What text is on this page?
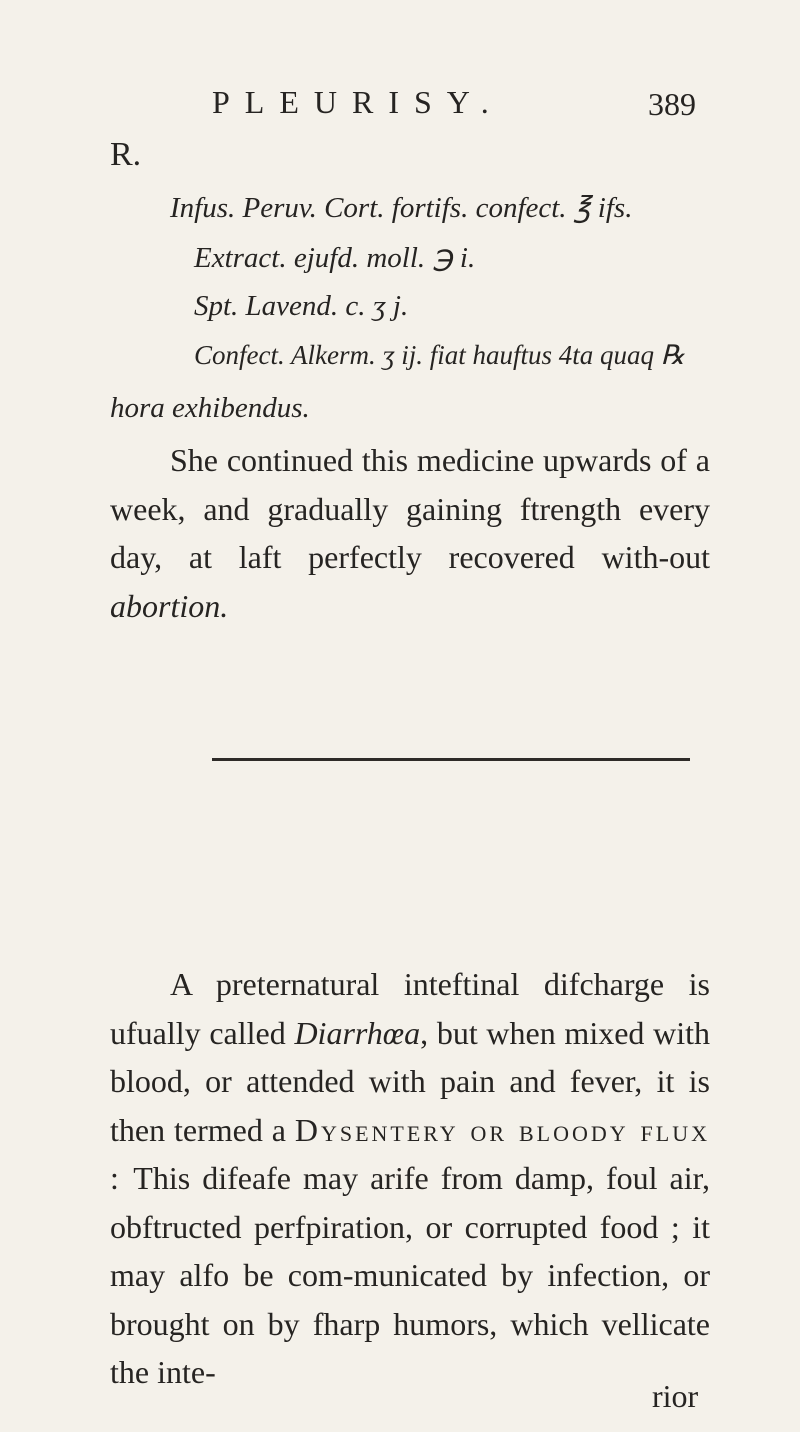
PLEURISY.	389
R.

Infus. Peruv. Cort. fortifs. confect. ℥ ifs.

Extract. ejufd. moll. ℈ i.

Spt. Lavend. c. ʒ j.

Confect. Alkerm. ʒ ij. fiat hauftus 4ta quaq ℞

hora exhibendus.

She continued this medicine upwards of a week, and gradually gaining ftrength every day, at laft perfectly recovered with-out abortion.

A preternatural inteftinal difcharge is ufually called Diarrhœa, but when mixed with blood, or attended with pain and fever, it is then termed a Dysentery or bloody flux : This difeafe may arife from damp, foul air, obftructed perfpiration, or corrupted food ; it may alfo be com-municated by infection, or brought on by fharp humors, which vellicate the inte-

rior
